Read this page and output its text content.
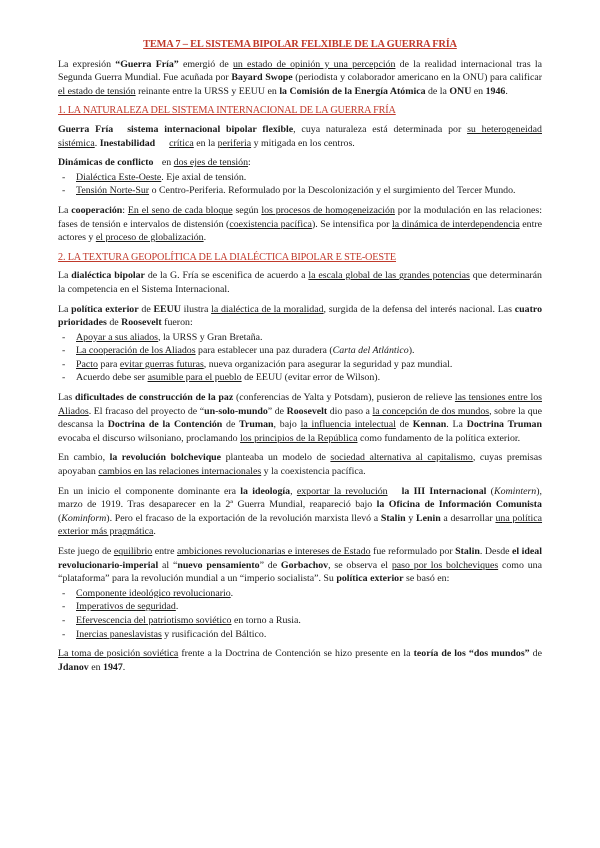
TEMA 7 – EL SISTEMA BIPOLAR FELXIBLE DE LA GUERRA FRÍA

La expresión “Guerra Fría” emergió de un estado de opinión y una percepción de la realidad internacional tras la Segunda Guerra Mundial. Fue acuñada por Bayard Swope (periodista y colaborador americano en la ONU) para calificar el estado de tensión reinante entre la URSS y EEUU en la Comisión de la Energía Atómica de la ONU en 1946.

1. LA NATURALEZA DEL SISTEMA INTERNACIONAL DE LA GUERRA FRÍA

Guerra Fría sistema internacional bipolar flexible, cuya naturaleza está determinada por su heterogeneidad sistémica. Inestabilidad crítica en la periferia y mitigada en los centros.

Dinámicas de conflicto en dos ejes de tensión:

- Dialéctica Este-Oeste. Eje axial de tensión.
- Tensión Norte-Sur o Centro-Periferia. Reformulado por la Descolonización y el surgimiento del Tercer Mundo.

La cooperación: En el seno de cada bloque según los procesos de homogeneización por la modulación en las relaciones: fases de tensión e intervalos de distensión (coexistencia pacífica). Se intensifica por la dinámica de interdependencia entre actores y el proceso de globalización.

2. LA TEXTURA GEOPOLÍTICA DE LA DIALÉCTICA BIPOLAR E STE-OESTE

La dialéctica bipolar de la G. Fría se escenifica de acuerdo a la escala global de las grandes potencias que determinarán la competencia en el Sistema Internacional.

La política exterior de EEUU ilustra la dialéctica de la moralidad, surgida de la defensa del interés nacional. Las cuatro prioridades de Roosevelt fueron:

- Apoyar a sus aliados, la URSS y Gran Bretaña.
- La cooperación de los Aliados para establecer una paz duradera (Carta del Atlántico).
- Pacto para evitar guerras futuras, nueva organización para asegurar la seguridad y paz mundial.
- Acuerdo debe ser asumible para el pueblo de EEUU (evitar error de Wilson).

Las dificultades de construcción de la paz (conferencias de Yalta y Potsdam), pusieron de relieve las tensiones entre los Aliados. El fracaso del proyecto de “un-solo-mundo” de Roosevelt dio paso a la concepción de dos mundos, sobre la que descansa la Doctrina de la Contención de Truman, bajo la influencia intelectual de Kennan. La Doctrina Truman evocaba el discurso wilsoniano, proclamando los principios de la República como fundamento de la política exterior.

En cambio, la revolución bolchevique planteaba un modelo de sociedad alternativa al capitalismo, cuyas premisas apoyaban cambios en las relaciones internacionales y la coexistencia pacífica.

En un inicio el componente dominante era la ideología, exportar la revolución la III Internacional (Komintern), marzo de 1919. Tras desaparecer en la 2ª Guerra Mundial, reapareció bajo la Oficina de Información Comunista (Kominform). Pero el fracaso de la exportación de la revolución marxista llevó a Stalin y Lenin a desarrollar una política exterior más pragmática.

Este juego de equilibrio entre ambiciones revolucionarias e intereses de Estado fue reformulado por Stalin. Desde el ideal revolucionario-imperial al “nuevo pensamiento” de Gorbachov, se observa el paso por los bolcheviques como una “plataforma” para la revolución mundial a un “imperio socialista”. Su política exterior se basó en:

- Componente ideológico revolucionario.
- Imperativos de seguridad.
- Efervescencia del patriotismo soviético en torno a Rusia.
- Inercias paneslavistas y rusificación del Báltico.

La toma de posición soviética frente a la Doctrina de Contención se hizo presente en la teoría de los “dos mundos” de Jdanov en 1947.
